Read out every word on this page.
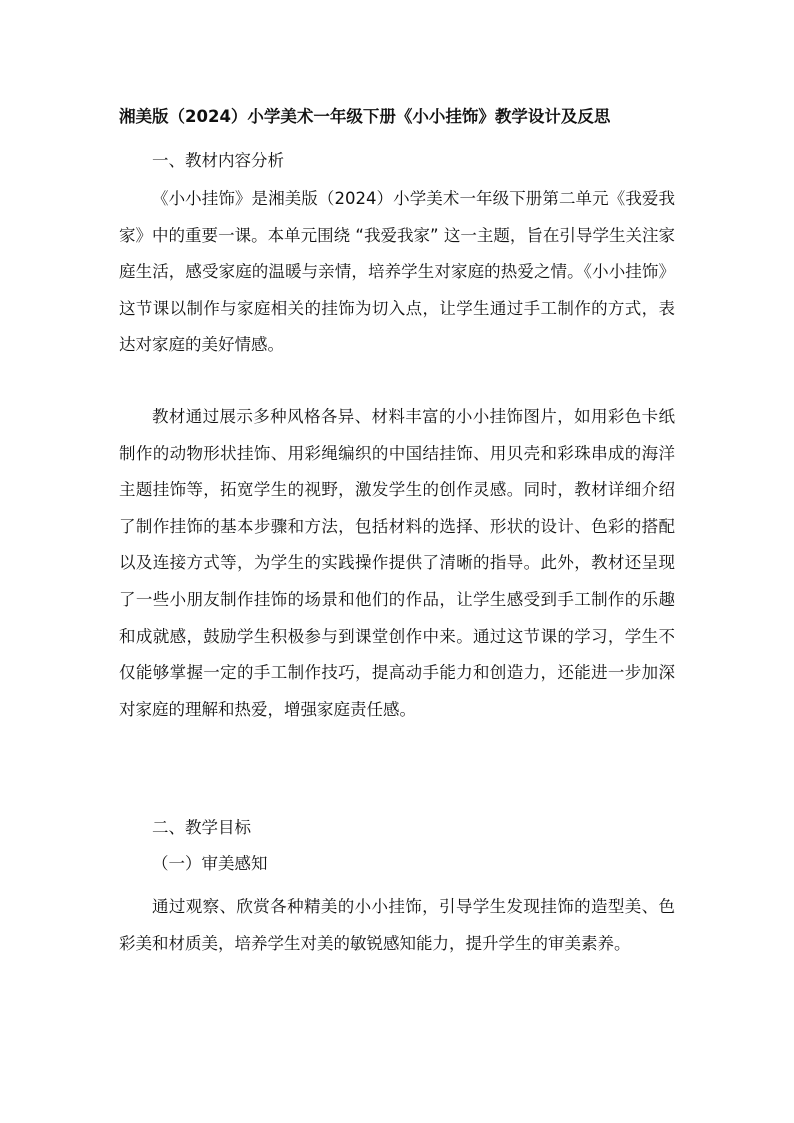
湘美版（2024）小学美术一年级下册《小小挂饰》教学设计及反思

一、教材内容分析

《小小挂饰》是湘美版（2024）小学美术一年级下册第二单元《我爱我家》中的重要一课。本单元围绕 “我爱我家” 这一主题，旨在引导学生关注家庭生活，感受家庭的温暖与亲情，培养学生对家庭的热爱之情。《小小挂饰》这节课以制作与家庭相关的挂饰为切入点，让学生通过手工制作的方式，表达对家庭的美好情感。

教材通过展示多种风格各异、材料丰富的小小挂饰图片，如用彩色卡纸制作的动物形状挂饰、用彩绳编织的中国结挂饰、用贝壳和彩珠串成的海洋主题挂饰等，拓宽学生的视野，激发学生的创作灵感。同时，教材详细介绍了制作挂饰的基本步骤和方法，包括材料的选择、形状的设计、色彩的搭配以及连接方式等，为学生的实践操作提供了清晰的指导。此外，教材还呈现了一些小朋友制作挂饰的场景和他们的作品，让学生感受到手工制作的乐趣和成就感，鼓励学生积极参与到课堂创作中来。通过这节课的学习，学生不仅能够掌握一定的手工制作技巧，提高动手能力和创造力，还能进一步加深对家庭的理解和热爱，增强家庭责任感。

二、教学目标

（一）审美感知

通过观察、欣赏各种精美的小小挂饰，引导学生发现挂饰的造型美、色彩美和材质美，培养学生对美的敏锐感知能力，提升学生的审美素养。
